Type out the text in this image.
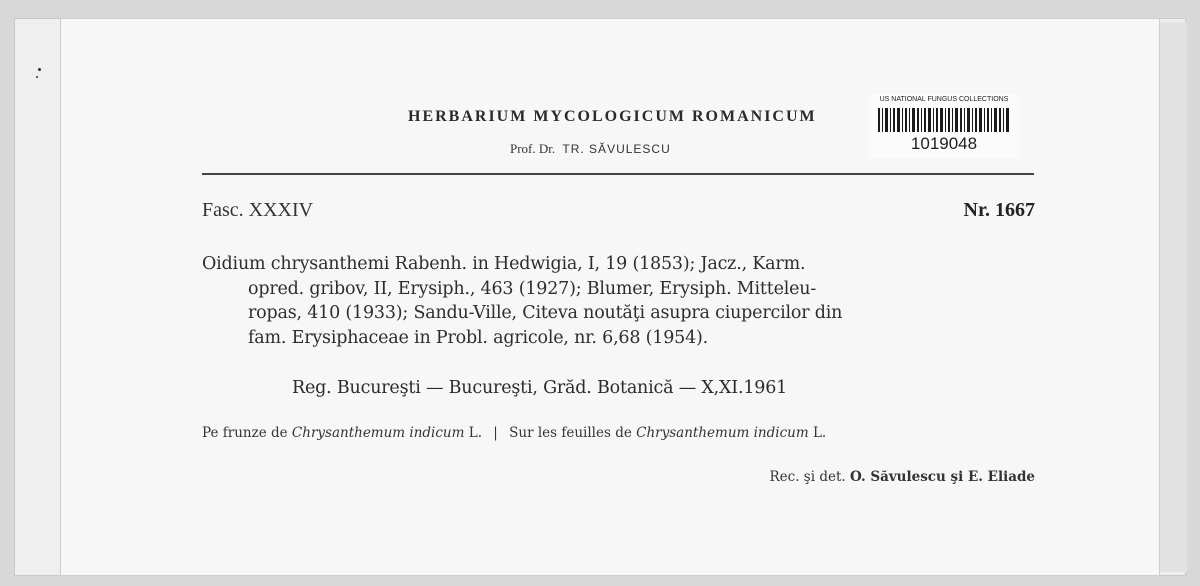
HERBARIUM MYCOLOGICUM ROMANICUM
Prof. Dr. TR. SĂVULESCU
US NATIONAL FUNGUS COLLECTIONS
1019048
Fasc. XXXIV	Nr. 1667
Oidium chrysanthemi Rabenh. in Hedwigia, I, 19 (1853); Jacz., Karm.
opred. gribov, II, Erysiph., 463 (1927); Blumer, Erysiph. Mitteleu-
ropas, 410 (1933); Sandu-Ville, Citeva noutăţi asupra ciupercilor din
fam. Erysiphaceae in Probl. agricole, nr. 6,68 (1954).
Reg. Bucureşti — Bucureşti, Grăd. Botanică — X,XI.1961
Pe frunze de Chrysanthemum indicum L. | Sur les feuilles de Chrysanthemum indicum L.
Rec. şi det. O. Săvulescu şi E. Eliade
